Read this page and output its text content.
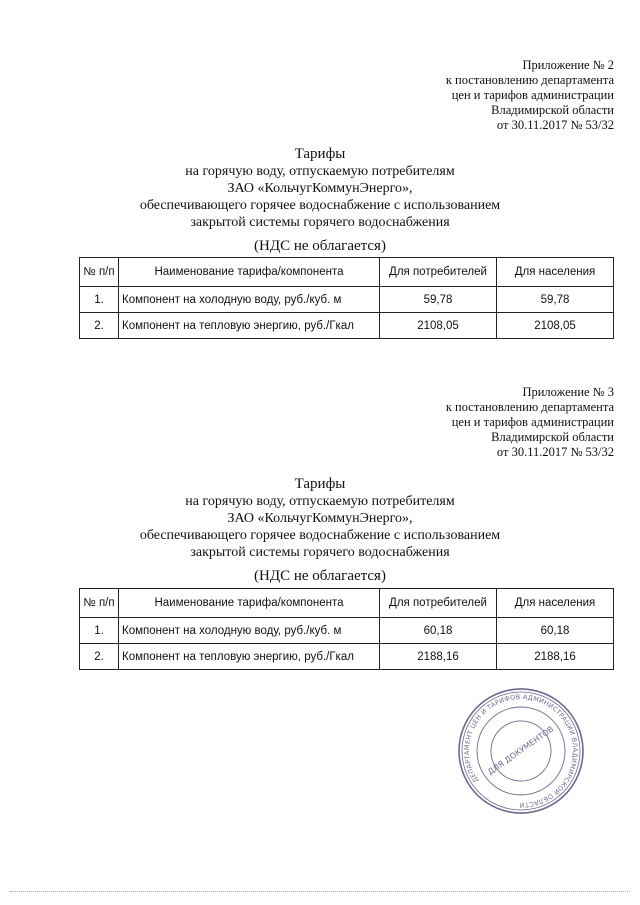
Приложение № 2
к постановлению департамента
цен и тарифов администрации
Владимирской области
от 30.11.2017 № 53/32
Тарифы
на горячую воду, отпускаемую потребителям
ЗАО «КольчугКоммунЭнерго»,
обеспечивающего горячее водоснабжение с использованием
закрытой системы горячего водоснабжения
(НДС не облагается)
№ п/п	Наименование тарифа/компонента	Для потребителей	Для населения
1.	Компонент на холодную воду, руб./куб. м	59,78	59,78
2.	Компонент на тепловую энергию, руб./Гкал	2108,05	2108,05
Приложение № 3
к постановлению департамента
цен и тарифов администрации
Владимирской области
от 30.11.2017 № 53/32
Тарифы
на горячую воду, отпускаемую потребителям
ЗАО «КольчугКоммунЭнерго»,
обеспечивающего горячее водоснабжение с использованием
закрытой системы горячего водоснабжения
(НДС не облагается)
№ п/п	Наименование тарифа/компонента	Для потребителей	Для населения
1.	Компонент на холодную воду, руб./куб. м	60,18	60,18
2.	Компонент на тепловую энергию, руб./Гкал	2188,16	2188,16
ДЕПАРТАМЕНТ ЦЕН И ТАРИФОВ АДМИНИСТРАЦИИ ВЛАДИМИРСКОЙ ОБЛАСТИ
ДЛЯ ДОКУМЕНТОВ
